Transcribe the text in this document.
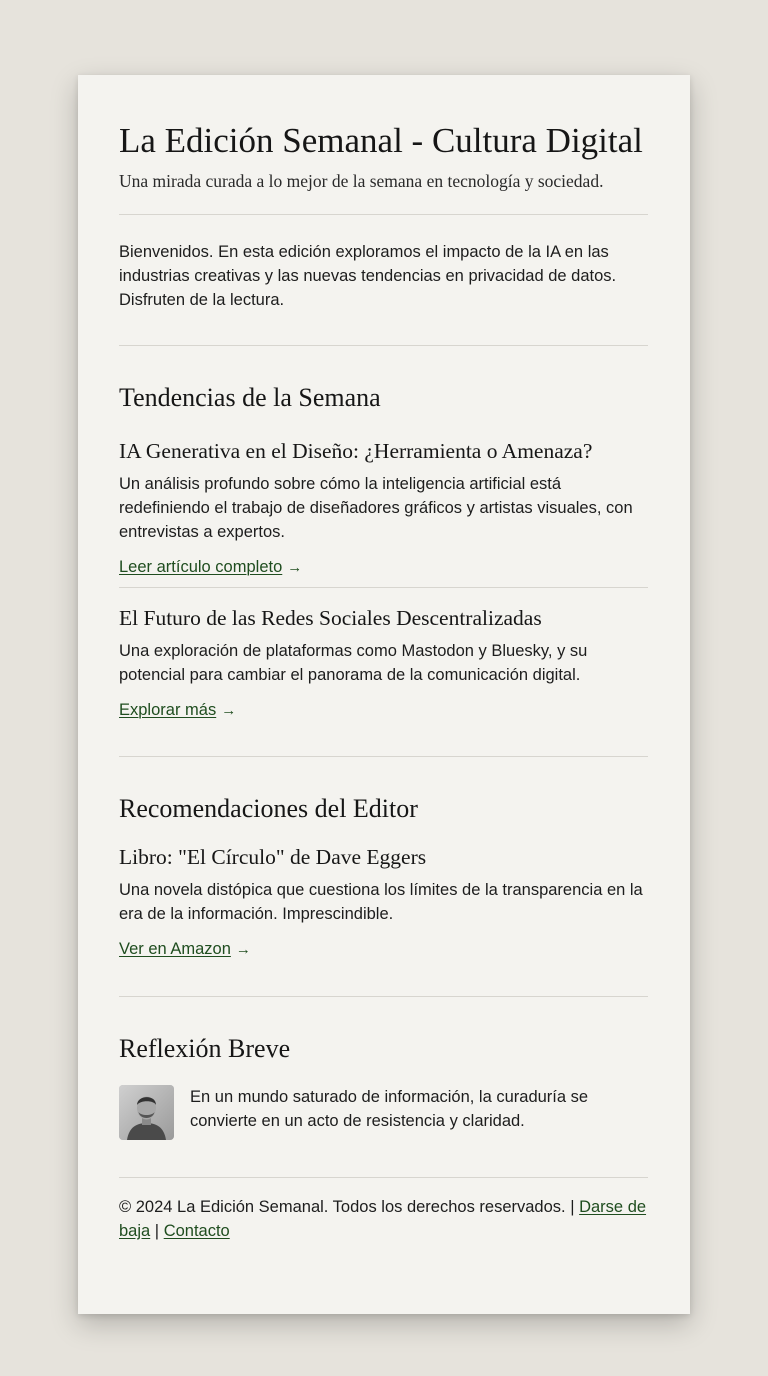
La Edición Semanal - Cultura Digital

Una mirada curada a lo mejor de la semana en tecnología y sociedad.

Bienvenidos. En esta edición exploramos el impacto de la IA en las industrias creativas y las nuevas tendencias en privacidad de datos. Disfruten de la lectura.

Tendencias de la Semana
IA Generativa en el Diseño: ¿Herramienta o Amenaza?

Un análisis profundo sobre cómo la inteligencia artificial está redefiniendo el trabajo de diseñadores gráficos y artistas visuales, con entrevistas a expertos.

Leer artículo completo →
El Futuro de las Redes Sociales Descentralizadas

Una exploración de plataformas como Mastodon y Bluesky, y su potencial para cambiar el panorama de la comunicación digital.

Explorar más →
Recomendaciones del Editor
Libro: "El Círculo" de Dave Eggers

Una novela distópica que cuestiona los límites de la transparencia en la era de la información. Imprescindible.

Ver en Amazon →
Reflexión Breve

En un mundo saturado de información, la curaduría se convierte en un acto de resistencia y claridad.

© 2024 La Edición Semanal. Todos los derechos reservados. | Darse de baja | Contacto
